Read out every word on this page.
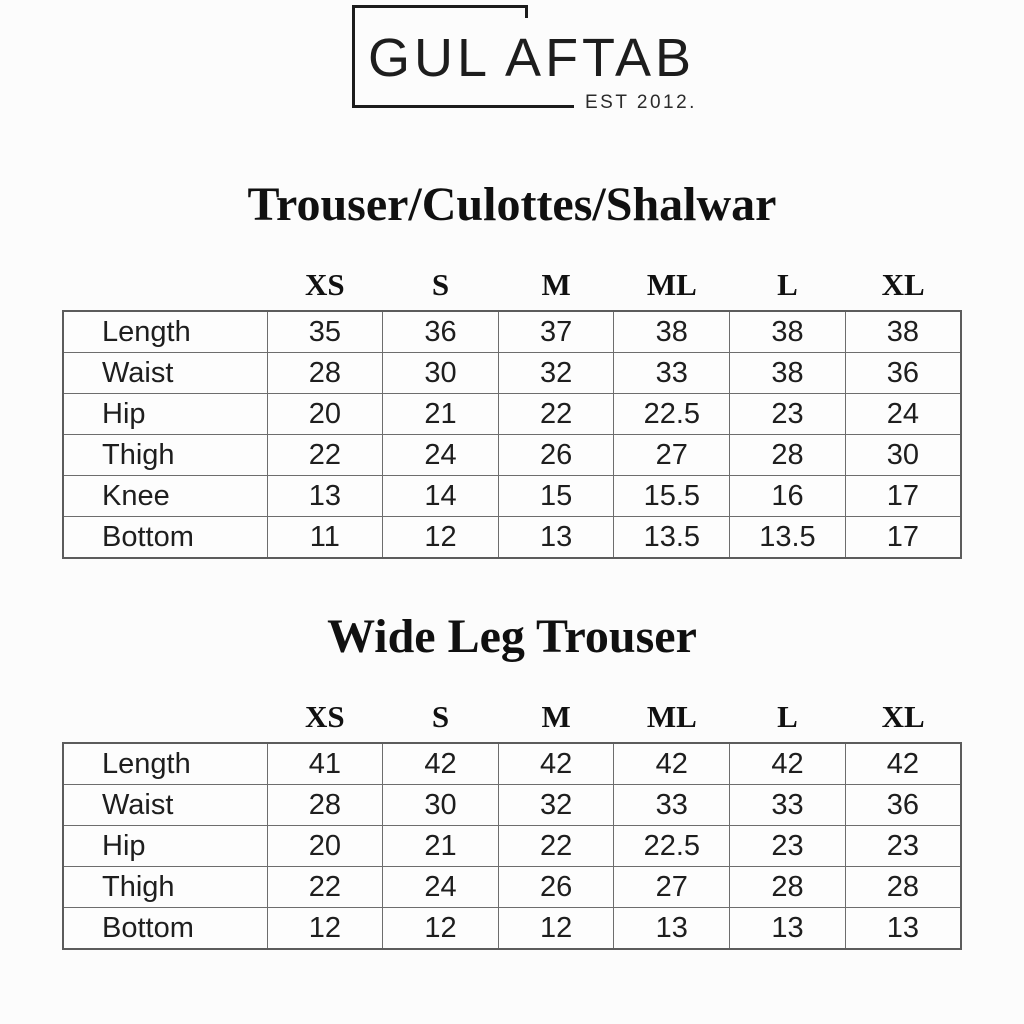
GUL AFTAB
EST 2012.
Trouser/Culottes/Shalwar
	XS	S	M	ML	L	XL
Length	35	36	37	38	38	38
Waist	28	30	32	33	38	36
Hip	20	21	22	22.5	23	24
Thigh	22	24	26	27	28	30
Knee	13	14	15	15.5	16	17
Bottom	11	12	13	13.5	13.5	17
Wide Leg Trouser
	XS	S	M	ML	L	XL
Length	41	42	42	42	42	42
Waist	28	30	32	33	33	36
Hip	20	21	22	22.5	23	23
Thigh	22	24	26	27	28	28
Bottom	12	12	12	13	13	13
